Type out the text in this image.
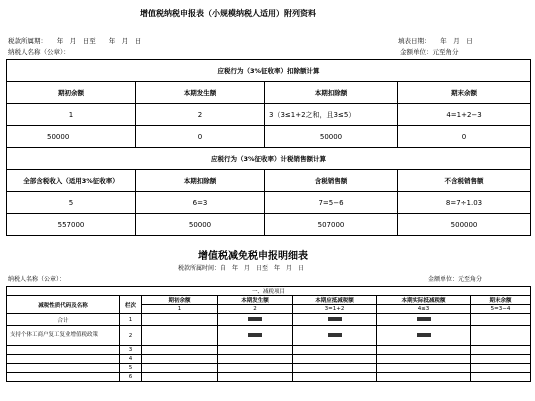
增值税纳税申报表（小规模纳税人适用）附列资料
税款所属期：　　年　月　日至　　年　月　日	填表日期：　　年　月　日
纳税人名称（公章）：	金额单位：元至角分
应税行为（3%征收率）扣除额计算			
期初余额	本期发生额	本期扣除额	期末余额
1	2	3（3≤1+2之和，且3≤5）	4=1+2−3
50000	0	50000	0
应税行为（3%征收率）计税销售额计算			
全部含税收入（适用3%征收率）	本期扣除额	含税销售额	不含税销售额
5	6=3	7=5−6	8=7÷1.03
557000	50000	507000	500000
增值税减免税申报明细表
税款所属时间：自　年　月　日至　年　月　日
纳税人名称（公章）：	金额单位：元至角分
一、减税项目						
减税性质代码及名称	栏次	期初余额	本期发生额	本期应抵减税额	本期实际抵减税额	期末余额
		1	2	3=1+2	4≤3	5=3−4
合计	1					
支持个体工商户复工复业增值税政策	2					
	3					
	4					
	5					
	6					
